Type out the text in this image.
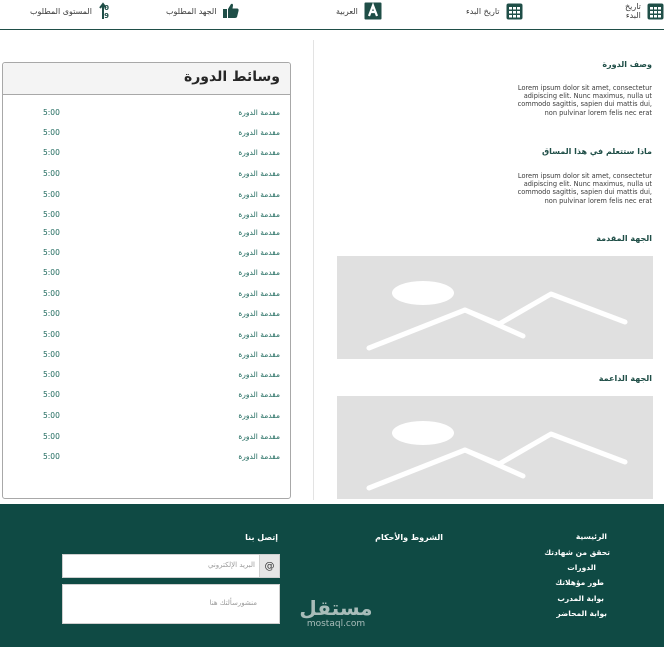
تاريخ البدء
تاريخ البدء
العربية
الجهد المطلوب
0
9
المستوى المطلوب
وصف الدورة
Lorem ipsum dolor sit amet, consectetur adipiscing elit. Nunc maximus, nulla ut commodo sagittis, sapien dui mattis dui, non pulvinar lorem felis nec erat
ماذا ستتعلم في هذا المساق
Lorem ipsum dolor sit amet, consectetur adipiscing elit. Nunc maximus, nulla ut commodo sagittis, sapien dui mattis dui, non pulvinar lorem felis nec erat
الجهة المقدمة
الجهة الداعمة
وسائط الدورة
مقدمة الدورة
5:00
مقدمة الدورة
5:00
مقدمة الدورة
5:00
مقدمة الدورة
5:00
مقدمة الدورة
5:00
مقدمة الدورة
5:00
مقدمة الدورة
5:00
مقدمة الدورة
5:00
مقدمة الدورة
5:00
مقدمة الدورة
5:00
مقدمة الدورة
5:00
مقدمة الدورة
5:00
مقدمة الدورة
5:00
مقدمة الدورة
5:00
مقدمة الدورة
5:00
مقدمة الدورة
5:00
مقدمة الدورة
5:00
مقدمة الدورة
5:00
الرئيسية
تحقق من شهادتك
الدورات
طور مؤهلاتك
بوابة المدرب
بوابة المحاضر
الشروط والأحكام
إتصل بنا
@
البريد الإلكتروني
منشورسألتك هنا	مستقل
mostaql.com
